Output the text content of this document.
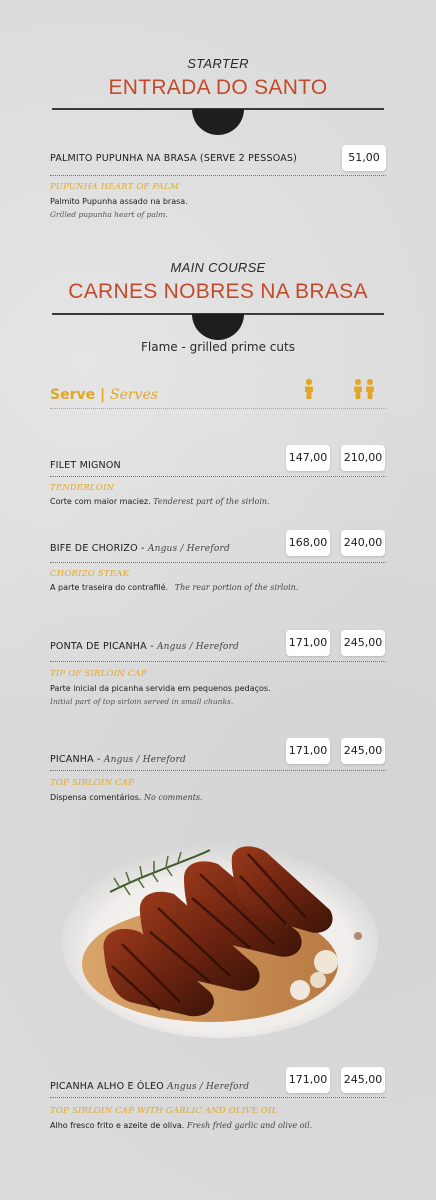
STARTER
ENTRADA DO SANTO
PALMITO PUPUNHA NA BRASA (SERVE 2 PESSOAS)	51,00
PUPUNHA HEART OF PALM
Palmito Pupunha assado na brasa.
Grilled pupunha heart of palm.
MAIN COURSE
CARNES NOBRES NA BRASA
Flame - grilled prime cuts
Serve | Serves
FILET MIGNON
147,00 210,00
TENDERLOIN
Corte com maior maciez. Tenderest part of the sirloin.
BIFE DE CHORIZO - Angus / Hereford	168,00 240,00
CHORIZO STEAK
A parte traseira do contrafilé. The rear portion of the sirloin.
PONTA DE PICANHA - Angus / Hereford	171,00 245,00
TIP OF SIRLOIN CAP
Parte inicial da picanha servida em pequenos pedaços.
Initial part of top sirloin served in small chunks.
PICANHA - Angus / Hereford
171,00 245,00
TOP SIRLOIN CAP
Dispensa comentários. No comments.
PICANHA ALHO E ÓLEO Angus / Hereford
171,00 245,00
TOP SIRLOIN CAP WITH GARLIC AND OLIVE OIL
Alho fresco frito e azeite de oliva. Fresh fried garlic and olive oil.
